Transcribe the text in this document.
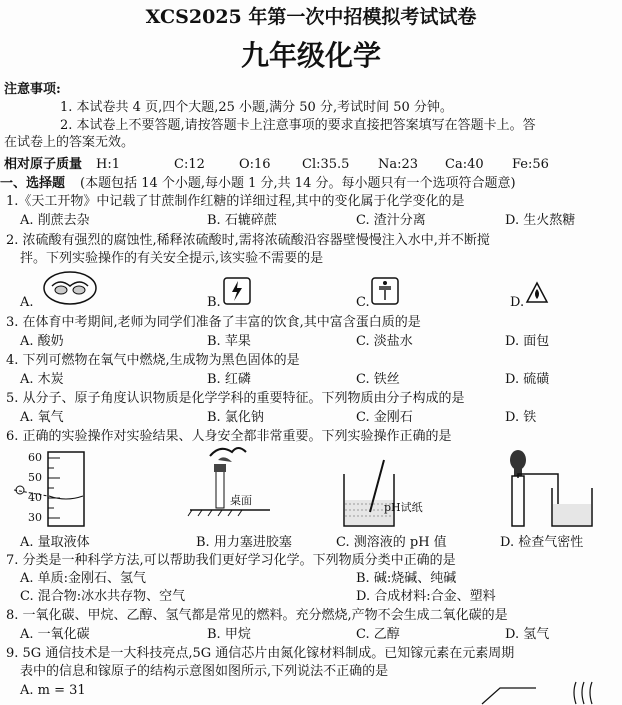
XCS2025 年第一次中招模拟考试试卷
九年级化学
注意事项:
1. 本试卷共 4 页,四个大题,25 小题,满分 50 分,考试时间 50 分钟。
2. 本试卷上不要答题,请按答题卡上注意事项的要求直接把答案填写在答题卡上。答
在试卷上的答案无效。
相对原子质量 H:1	C:12	O:16 Cl:35.5 Na:23 Ca:40 Fe:56
一、选择题 (本题包括 14 个小题,每小题 1 分,共 14 分。每小题只有一个选项符合题意)
1.《天工开物》中记载了甘蔗制作红糖的详细过程,其中的变化属于化学变化的是
A. 削蔗去杂	B. 石辘碎蔗	C. 渣汁分离	D. 生火熬糖
2. 浓硫酸有强烈的腐蚀性,稀释浓硫酸时,需将浓硫酸沿容器壁慢慢注入水中,并不断搅
拌。下列实验操作的有关安全提示,该实验不需要的是
A.	B.	C.	D.
3. 在体育中考期间,老师为同学们准备了丰富的饮食,其中富含蛋白质的是
A. 酸奶	B. 苹果	C. 淡盐水	D. 面包
4. 下列可燃物在氧气中燃烧,生成物为黑色固体的是
A. 木炭	B. 红磷	C. 铁丝	D. 硫磺
5. 从分子、原子角度认识物质是化学学科的重要特征。下列物质由分子构成的是
A. 氧气	B. 氯化钠	C. 金刚石	D. 铁
6. 正确的实验操作对实验结果、人身安全都非常重要。下列实验操作正确的是
60
50
40
30
桌面
pH试纸
A. 量取液体	B. 用力塞进胶塞	C. 测溶液的 pH 值	D. 检查气密性
7. 分类是一种科学方法,可以帮助我们更好学习化学。下列物质分类中正确的是
A. 单质:金刚石、氢气	B. 碱:烧碱、纯碱
C. 混合物:冰水共存物、空气	D. 合成材料:合金、塑料
8. 一氧化碳、甲烷、乙醇、氢气都是常见的燃料。充分燃烧,产物不会生成二氧化碳的是
A. 一氧化碳	B. 甲烷	C. 乙醇	D. 氢气
9. 5G 通信技术是一大科技亮点,5G 通信芯片由氮化镓材料制成。已知镓元素在元素周期
表中的信息和镓原子的结构示意图如图所示,下列说法不正确的是
A. m = 31
